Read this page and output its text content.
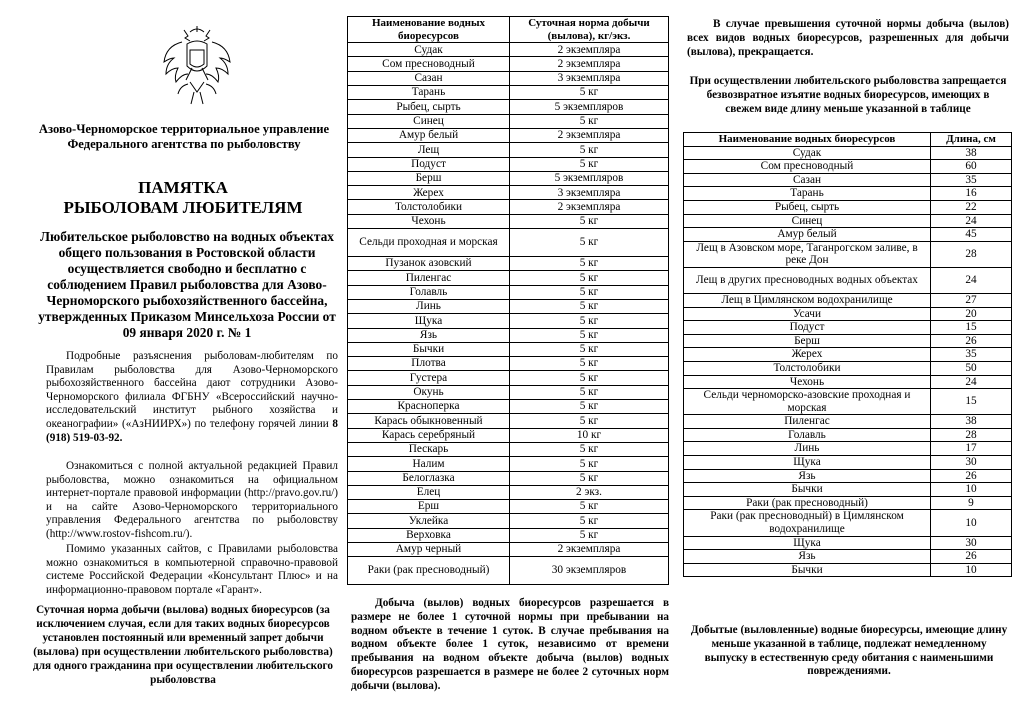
Азово-Черноморское территориальное управление Федерального агентства по рыболовству
ПАМЯТКА
РЫБОЛОВАМ ЛЮБИТЕЛЯМ
Любительское рыболовство на водных объектах общего пользования в Ростовской области осуществляется свободно и бесплатно с соблюдением Правил рыболовства для Азово-Черноморского рыбохозяйственного бассейна, утвержденных Приказом Минсельхоза России от 09 января 2020 г. № 1
Подробные разъяснения рыболовам-любителям по Правилам рыболовства для Азово-Черноморского рыбохозяйственного бассейна дают сотрудники Азово-Черноморского филиала ФГБНУ «Всероссийский научно-исследовательский институт рыбного хозяйства и океанографии» («АзНИИРХ») по телефону горячей линии 8 (918) 519-03-92.
Ознакомиться с полной актуальной редакцией Правил рыболовства, можно ознакомиться на официальном интернет-портале правовой информации (http://pravo.gov.ru/) и на сайте Азово-Черноморского территориального управления Федерального агентства по рыболовству (http://www.rostov-fishcom.ru/).
Помимо указанных сайтов, с Правилами рыболовства можно ознакомиться в компьютерной справочно-правовой системе Российской Федерации «Консультант Плюс» и на информационно-правовом портале «Гарант».
Суточная норма добычи (вылова) водных биоресурсов (за исключением случая, если для таких водных биоресурсов установлен постоянный или временный запрет добычи (вылова) при осуществлении любительского рыболовства) для одного гражданина при осуществлении любительского рыболовства
Наименование водных биоресурсов	Суточная норма добычи (вылова), кг/экз.
Судак	2 экземпляра
Сом пресноводный	2 экземпляра
Сазан	3 экземпляра
Тарань	5 кг
Рыбец, сырть	5 экземпляров
Синец	5 кг
Амур белый	2 экземпляра
Лещ	5 кг
Подуст	5 кг
Берш	5 экземпляров
Жерех	3 экземпляра
Толстолобики	2 экземпляра
Чехонь	5 кг
Сельди проходная и морская	5 кг
Пузанок азовский	5 кг
Пиленгас	5 кг
Голавль	5 кг
Линь	5 кг
Щука	5 кг
Язь	5 кг
Бычки	5 кг
Плотва	5 кг
Густера	5 кг
Окунь	5 кг
Красноперка	5 кг
Карась обыкновенный	5 кг
Карась серебряный	10 кг
Пескарь	5 кг
Налим	5 кг
Белоглазка	5 кг
Елец	2 экз.
Ерш	5 кг
Уклейка	5 кг
Верховка	5 кг
Амур черный	2 экземпляра
Раки (рак пресноводный)	30 экземпляров
Добыча (вылов) водных биоресурсов разрешается в размере не более 1 суточной нормы при пребывании на водном объекте в течение 1 суток. В случае пребывания на водном объекте более 1 суток, независимо от времени пребывания на водном объекте добыча (вылов) водных биоресурсов разрешается в размере не более 2 суточных норм добычи (вылова).
В случае превышения суточной нормы добыча (вылов) всех видов водных биоресурсов, разрешенных для добычи (вылова), прекращается.
При осуществлении любительского рыболовства запрещается безвозвратное изъятие водных биоресурсов, имеющих в свежем виде длину меньше указанной в таблице
Наименование водных биоресурсов	Длина, см
Судак	38
Сом пресноводный	60
Сазан	35
Тарань	16
Рыбец, сырть	22
Синец	24
Амур белый	45
Лещ в Азовском море, Таганрогском заливе, в реке Дон	28
Лещ в других пресноводных водных объектах	24
Лещ в Цимлянском водохранилище	27
Усачи	20
Подуст	15
Берш	26
Жерех	35
Толстолобики	50
Чехонь	24
Сельди черноморско-азовские проходная и морская	15
Пиленгас	38
Голавль	28
Линь	17
Щука	30
Язь	26
Бычки	10
Раки (рак пресноводный)	9
Раки (рак пресноводный) в Цимлянском водохранилище	10
Щука	30
Язь	26
Бычки	10
Добытые (выловленные) водные биоресурсы, имеющие длину меньше указанной в таблице, подлежат немедленному выпуску в естественную среду обитания с наименьшими повреждениями.
